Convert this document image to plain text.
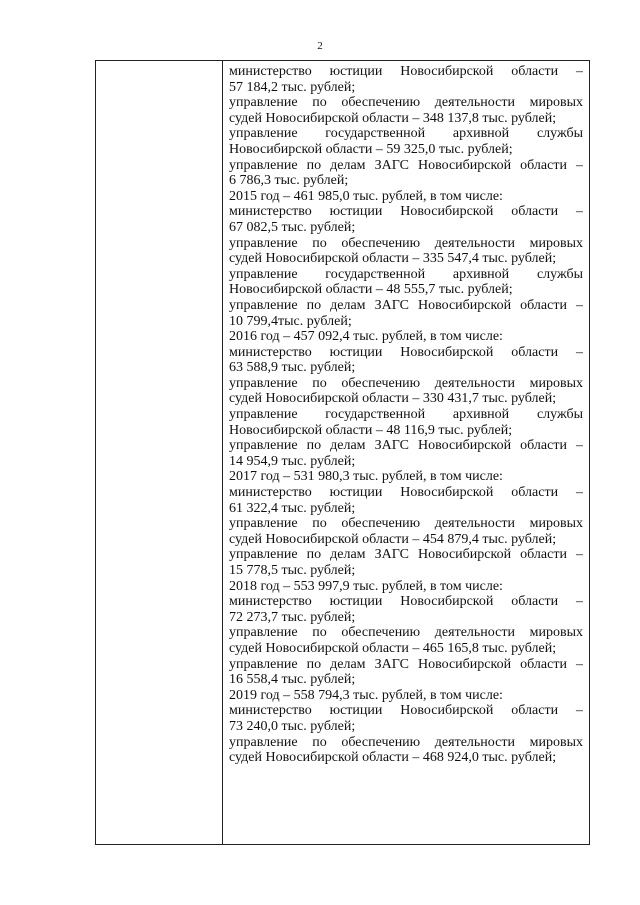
2
министерство юстиции Новосибирской области –
57 184,2 тыс. рублей;
управление по обеспечению деятельности мировых
судей Новосибирской области – 348 137,8 тыс. рублей;
управление государственной архивной службы
Новосибирской области – 59 325,0 тыс. рублей;
управление по делам ЗАГС Новосибирской области –
6 786,3 тыс. рублей;
2015 год – 461 985,0 тыс. рублей, в том числе:
министерство юстиции Новосибирской области –
67 082,5 тыс. рублей;
управление по обеспечению деятельности мировых
судей Новосибирской области – 335 547,4 тыс. рублей;
управление государственной архивной службы
Новосибирской области – 48 555,7 тыс. рублей;
управление по делам ЗАГС Новосибирской области –
10 799,4тыс. рублей;
2016 год – 457 092,4 тыс. рублей, в том числе:
министерство юстиции Новосибирской области –
63 588,9 тыс. рублей;
управление по обеспечению деятельности мировых
судей Новосибирской области – 330 431,7 тыс. рублей;
управление государственной архивной службы
Новосибирской области – 48 116,9 тыс. рублей;
управление по делам ЗАГС Новосибирской области –
14 954,9 тыс. рублей;
2017 год – 531 980,3 тыс. рублей, в том числе:
министерство юстиции Новосибирской области –
61 322,4 тыс. рублей;
управление по обеспечению деятельности мировых
судей Новосибирской области – 454 879,4 тыс. рублей;
управление по делам ЗАГС Новосибирской области –
15 778,5 тыс. рублей;
2018 год – 553 997,9 тыс. рублей, в том числе:
министерство юстиции Новосибирской области –
72 273,7 тыс. рублей;
управление по обеспечению деятельности мировых
судей Новосибирской области – 465 165,8 тыс. рублей;
управление по делам ЗАГС Новосибирской области –
16 558,4 тыс. рублей;
2019 год – 558 794,3 тыс. рублей, в том числе:
министерство юстиции Новосибирской области –
73 240,0 тыс. рублей;
управление по обеспечению деятельности мировых
судей Новосибирской области – 468 924,0 тыс. рублей;
